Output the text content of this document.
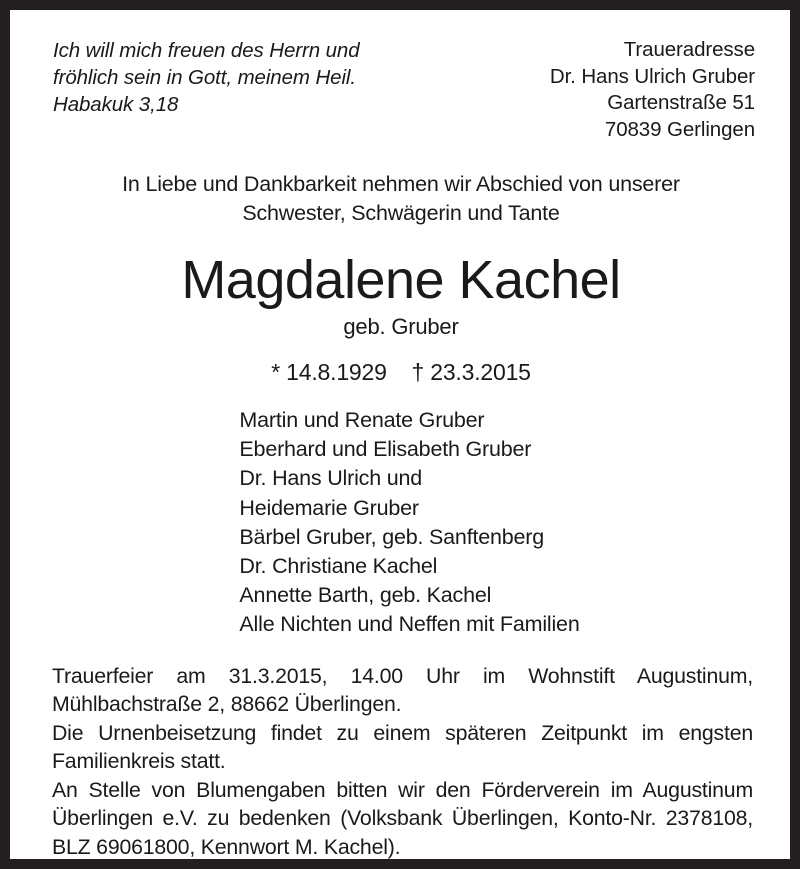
Ich will mich freuen des Herrn und
fröhlich sein in Gott, meinem Heil.
Habakuk 3,18
Traueradresse
Dr. Hans Ulrich Gruber
Gartenstraße 51
70839 Gerlingen
In Liebe und Dankbarkeit nehmen wir Abschied von unserer
Schwester, Schwägerin und Tante
Magdalene Kachel
geb. Gruber
* 14.8.1929    † 23.3.2015
Martin und Renate Gruber
Eberhard und Elisabeth Gruber
Dr. Hans Ulrich und
Heidemarie Gruber
Bärbel Gruber, geb. Sanftenberg
Dr. Christiane Kachel
Annette Barth, geb. Kachel
Alle Nichten und Neffen mit Familien

Trauerfeier am 31.3.2015, 14.00 Uhr im Wohnstift Augustinum, Mühlbachstraße 2, 88662 Überlingen.

Die Urnenbeisetzung findet zu einem späteren Zeitpunkt im engsten Familienkreis statt.

An Stelle von Blumengaben bitten wir den Förderverein im Augustinum Überlingen e.V. zu bedenken (Volksbank Überlingen, Konto-Nr. 2378108, BLZ 69061800, Kennwort M. Kachel).
